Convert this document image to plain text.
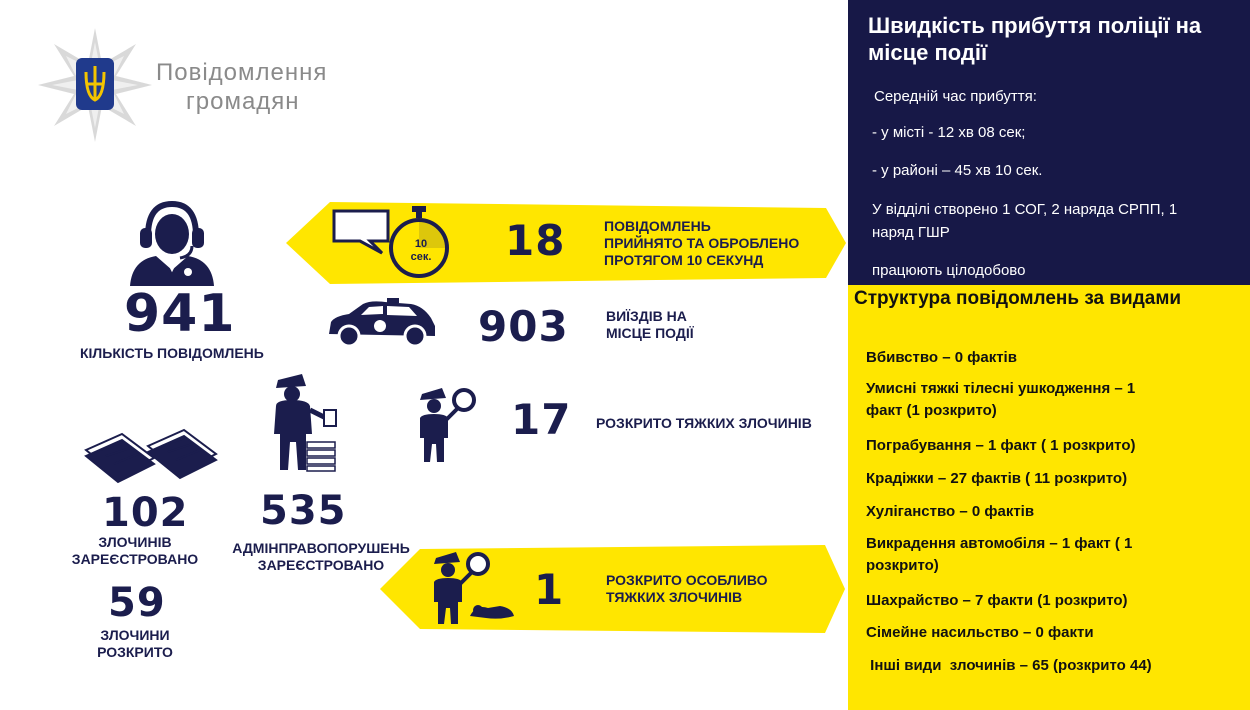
Повідомлення
громадян
941
КІЛЬКІСТЬ ПОВІДОМЛЕНЬ
10
сек. 18	ПОВІДОМЛЕНЬ
ПРИЙНЯТО ТА ОБРОБЛЕНО
ПРОТЯГОМ 10 СЕКУНД
903	ВИЇЗДІВ НА
МІСЦЕ ПОДІЇ
17 РОЗКРИТО ТЯЖКИХ ЗЛОЧИНІВ
102
ЗЛОЧИНІВ
ЗАРЕЄСТРОВАНО
535
АДМІНПРАВОПОРУШЕНЬ
ЗАРЕЄСТРОВАНО
59
ЗЛОЧИНИ
РОЗКРИТО
1	РОЗКРИТО ОСОБЛИВО
ТЯЖКИХ ЗЛОЧИНІВ
Швидкість прибуття поліції на
місце події
Середній час прибуття:
- у місті - 12 хв 08 сек;
- у районі – 45 хв 10 сек.
У відділі створено 1 СОГ, 2 наряда СРПП, 1
наряд ГШР
працюють цілодобово
Структура повідомлень за видами
Вбивство – 0 фактів
Умисні тяжкі тілесні ушкодження – 1
факт (1 розкрито)
Пограбування – 1 факт ( 1 розкрито)
Крадіжки – 27 фактів ( 11 розкрито)
Хуліганство – 0 фактів
Викрадення автомобіля – 1 факт ( 1
розкрито)
Шахрайство – 7 факти (1 розкрито)
Сімейне насильство – 0 факти
Інші види  злочинів – 65 (розкрито 44)
